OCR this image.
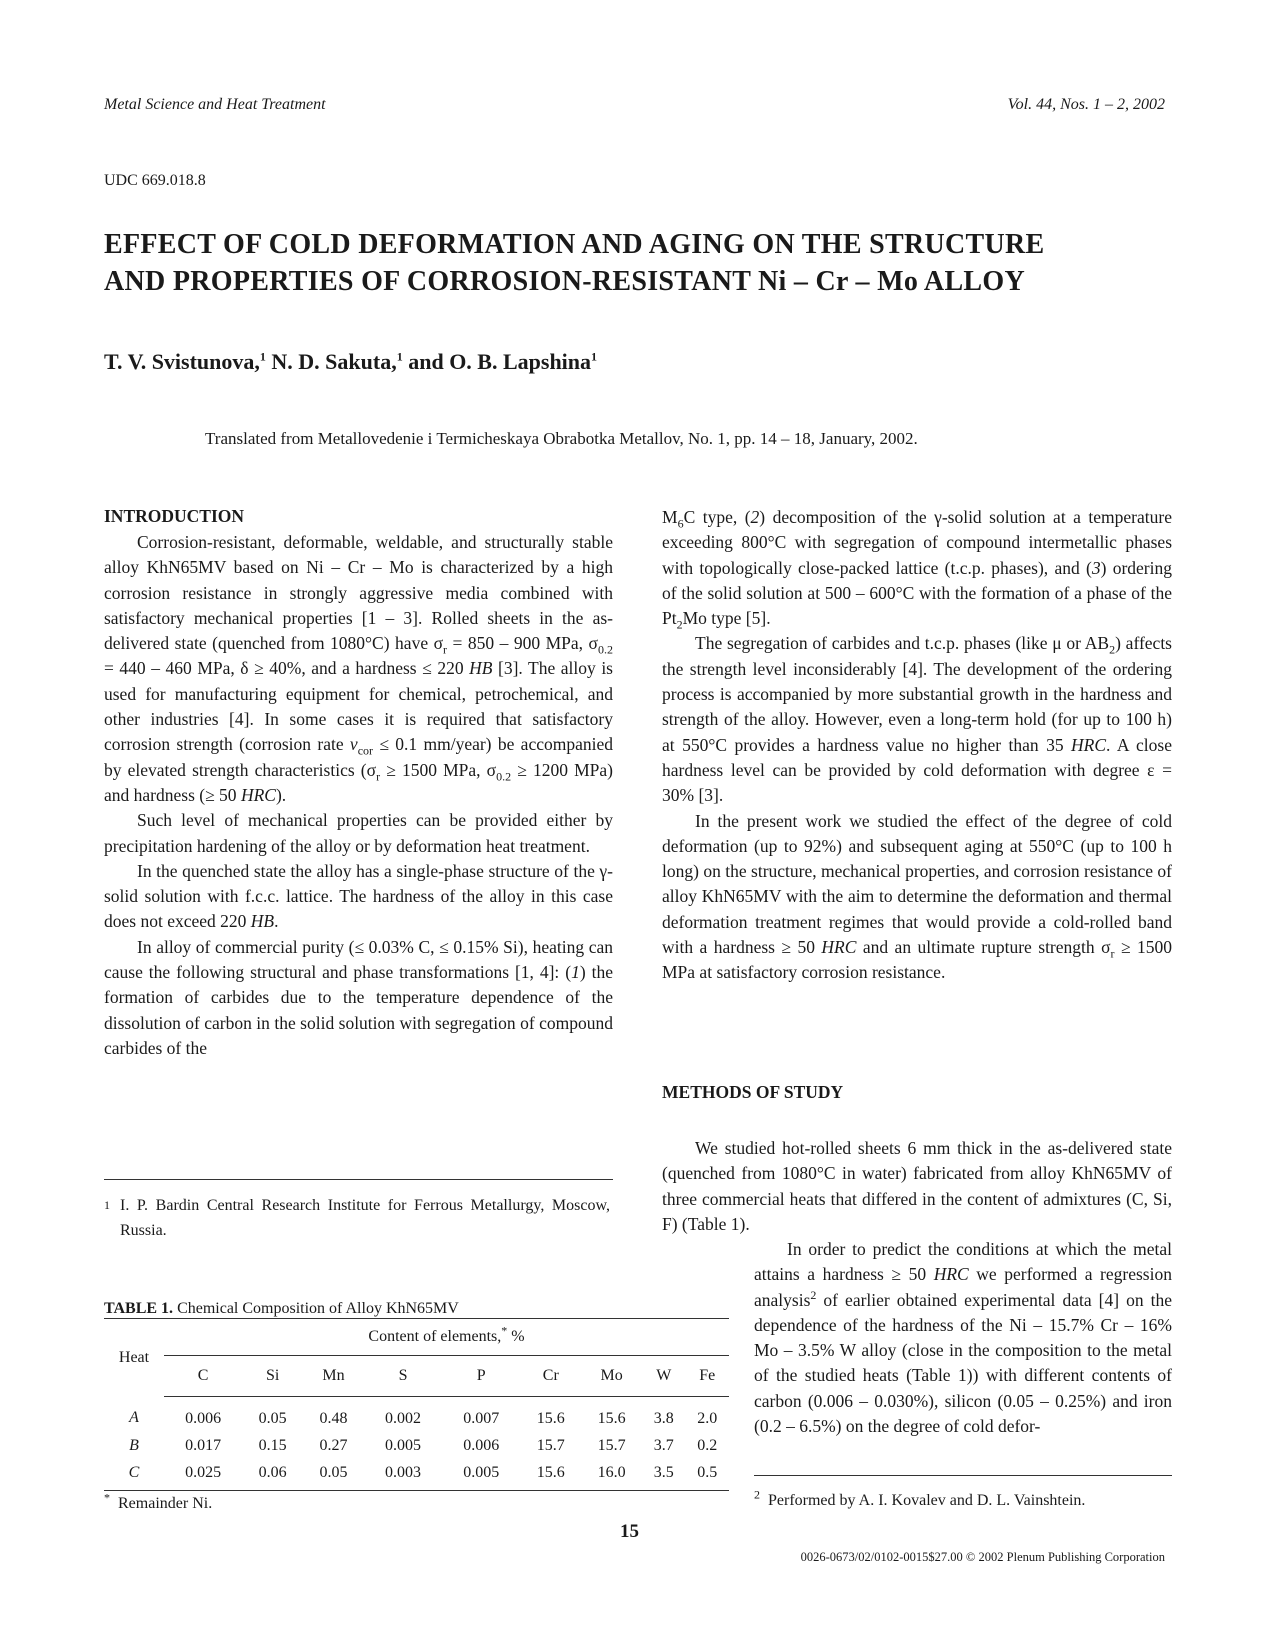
Metal Science and Heat Treatment	Vol. 44, Nos. 1 – 2, 2002
UDC 669.018.8
EFFECT OF COLD DEFORMATION AND AGING ON THE STRUCTURE
AND PROPERTIES OF CORROSION-RESISTANT Ni – Cr – Mo ALLOY
T. V. Svistunova,$^1$ N. D. Sakuta,$^1$ and O. B. Lapshina$^1$
Translated from Metallovedenie i Termicheskaya Obrabotka Metallov, No. 1, pp. 14 – 18, January, 2002.
INTRODUCTION

Corrosion-resistant, deformable, weldable, and structurally stable alloy KhN65MV based on Ni – Cr – Mo is characterized by a high corrosion resistance in strongly aggressive media combined with satisfactory mechanical properties [1 – 3]. Rolled sheets in the as-delivered state (quenched from 1080°C) have $\sigma_r = 850 - 900$ MPa, $\sigma_{0.2} = 440 - 460$ MPa, δ ≥ 40%, and a hardness ≤ 220 HB [3]. The alloy is used for manufacturing equipment for chemical, petrochemical, and other industries [4]. In some cases it is required that satisfactory corrosion strength (corrosion rate $v_{cor} \le 0.1$ mm/year) be accompanied by elevated strength characteristics ($\sigma_r \ge 1500$ MPa, $\sigma_{0.2} \ge 1200$ MPa) and hardness (≥ 50 HRC).

Such level of mechanical properties can be provided either by precipitation hardening of the alloy or by deformation heat treatment.

In the quenched state the alloy has a single-phase structure of the γ-solid solution with f.c.c. lattice. The hardness of the alloy in this case does not exceed 220 HB.

In alloy of commercial purity (≤ 0.03% C, ≤ 0.15% Si), heating can cause the following structural and phase transformations [1, 4]: (1) the formation of carbides due to the temperature dependence of the dissolution of carbon in the solid solution with segregation of compound carbides of the

1 I. P. Bardin Central Research Institute for Ferrous Metallurgy, Moscow, Russia.

$M_6C$ type, (2) decomposition of the γ-solid solution at a temperature exceeding 800°C with segregation of compound intermetallic phases with topologically close-packed lattice (t.c.p. phases), and (3) ordering of the solid solution at 500 – 600°C with the formation of a phase of the $Pt_2Mo$ type [5].

The segregation of carbides and t.c.p. phases (like μ or $AB_2$) affects the strength level inconsiderably [4]. The development of the ordering process is accompanied by more substantial growth in the hardness and strength of the alloy. However, even a long-term hold (for up to 100 h) at 550°C provides a hardness value no higher than 35 HRC. A close hardness level can be provided by cold deformation with degree ε = 30% [3].

In the present work we studied the effect of the degree of cold deformation (up to 92%) and subsequent aging at 550°C (up to 100 h long) on the structure, mechanical properties, and corrosion resistance of alloy KhN65MV with the aim to determine the deformation and thermal deformation treatment regimes that would provide a cold-rolled band with a hardness ≥ 50 HRC and an ultimate rupture strength $\sigma_r \ge 1500$ MPa at satisfactory corrosion resistance.

METHODS OF STUDY

We studied hot-rolled sheets 6 mm thick in the as-delivered state (quenched from 1080°C in water) fabricated from alloy KhN65MV of three commercial heats that differed in the content of admixtures (C, Si, F) (Table 1).

In order to predict the conditions at which the metal attains a hardness ≥ 50 HRC we performed a regression analysis$^2$ of earlier obtained experimental data [4] on the dependence of the hardness of the Ni – 15.7% Cr – 16% Mo – 3.5% W alloy (close in the composition to the metal of the studied heats (Table 1)) with different contents of carbon (0.006 – 0.030%), silicon (0.05 – 0.25%) and iron (0.2 – 6.5%) on the degree of cold defor-

TABLE 1. Chemical Composition of Alloy KhN65MV
Heat	Content of elements,* %								
	C	Si	Mn	S	P	Cr	Mo	W	Fe
A	0.006	0.05	0.48	0.002	0.007	15.6	15.6	3.8	2.0
B	0.017	0.15	0.27	0.005	0.006	15.7	15.7	3.7	0.2
C	0.025	0.06	0.05	0.003	0.005	15.6	16.0	3.5	0.5
* Remainder Ni.
$^2$ Performed by A. I. Kovalev and D. L. Vainshtein.
15
0026-0673/02/0102-0015$27.00 © 2002 Plenum Publishing Corporation
